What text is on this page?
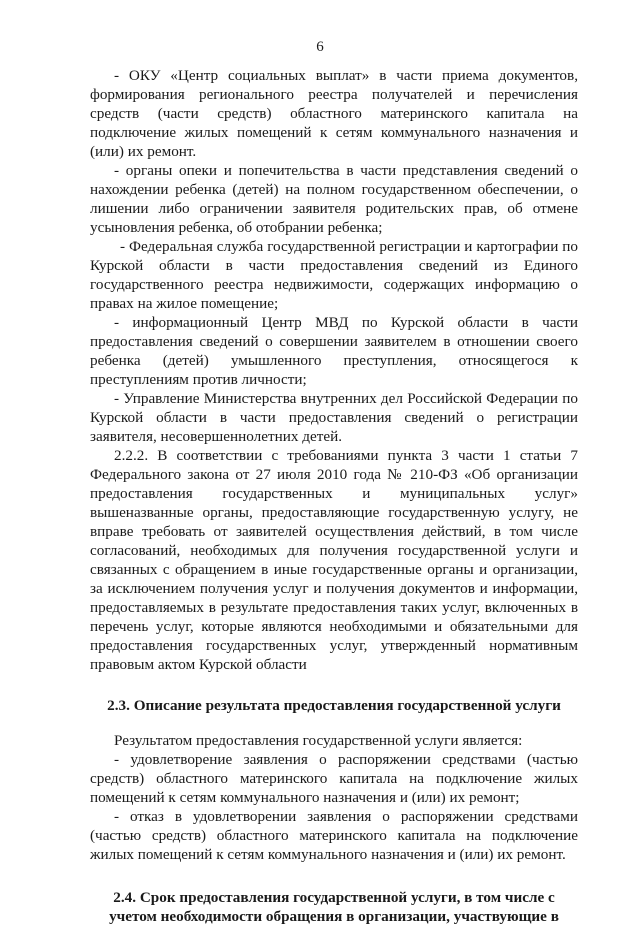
6

- ОКУ «Центр социальных выплат» в части приема документов, формирования регионального реестра получателей и перечисления средств (части средств) областного материнского капитала на подключение жилых помещений к сетям коммунального назначения и (или) их ремонт.

- органы опеки и попечительства в части представления сведений о нахождении ребенка (детей) на полном государственном обеспечении, о лишении либо ограничении заявителя родительских прав, об отмене усыновления ребенка, об отобрании ребенка;

- Федеральная служба государственной регистрации и картографии по Курской области в части предоставления сведений из Единого государственного реестра недвижимости, содержащих информацию о правах на жилое помещение;

- информационный Центр МВД по Курской области в части предоставления сведений о совершении заявителем в отношении своего ребенка (детей) умышленного преступления, относящегося к преступлениям против личности;

- Управление Министерства внутренних дел Российской Федерации по Курской области в части предоставления сведений о регистрации заявителя, несовершеннолетних детей.

2.2.2. В соответствии с требованиями пункта 3 части 1 статьи 7 Федерального закона от 27 июля 2010 года № 210-ФЗ «Об организации предоставления государственных и муниципальных услуг» вышеназванные органы, предоставляющие государственную услугу, не вправе требовать от заявителей осуществления действий, в том числе согласований, необходимых для получения государственной услуги и связанных с обращением в иные государственные органы и организации, за исключением получения услуг и получения документов и информации, предоставляемых в результате предоставления таких услуг, включенных в перечень услуг, которые являются необходимыми и обязательными для предоставления государственных услуг, утвержденный нормативным правовым актом Курской области

2.3. Описание результата предоставления государственной услуги

Результатом предоставления государственной услуги является:

- удовлетворение заявления о распоряжении средствами (частью средств) областного материнского капитала на подключение жилых помещений к сетям коммунального назначения и (или) их ремонт;

- отказ в удовлетворении заявления о распоряжении средствами (частью средств) областного материнского капитала на подключение жилых помещений к сетям коммунального назначения и (или) их ремонт.

2.4. Срок предоставления государственной услуги, в том числе с учетом необходимости обращения в организации, участвующие в
